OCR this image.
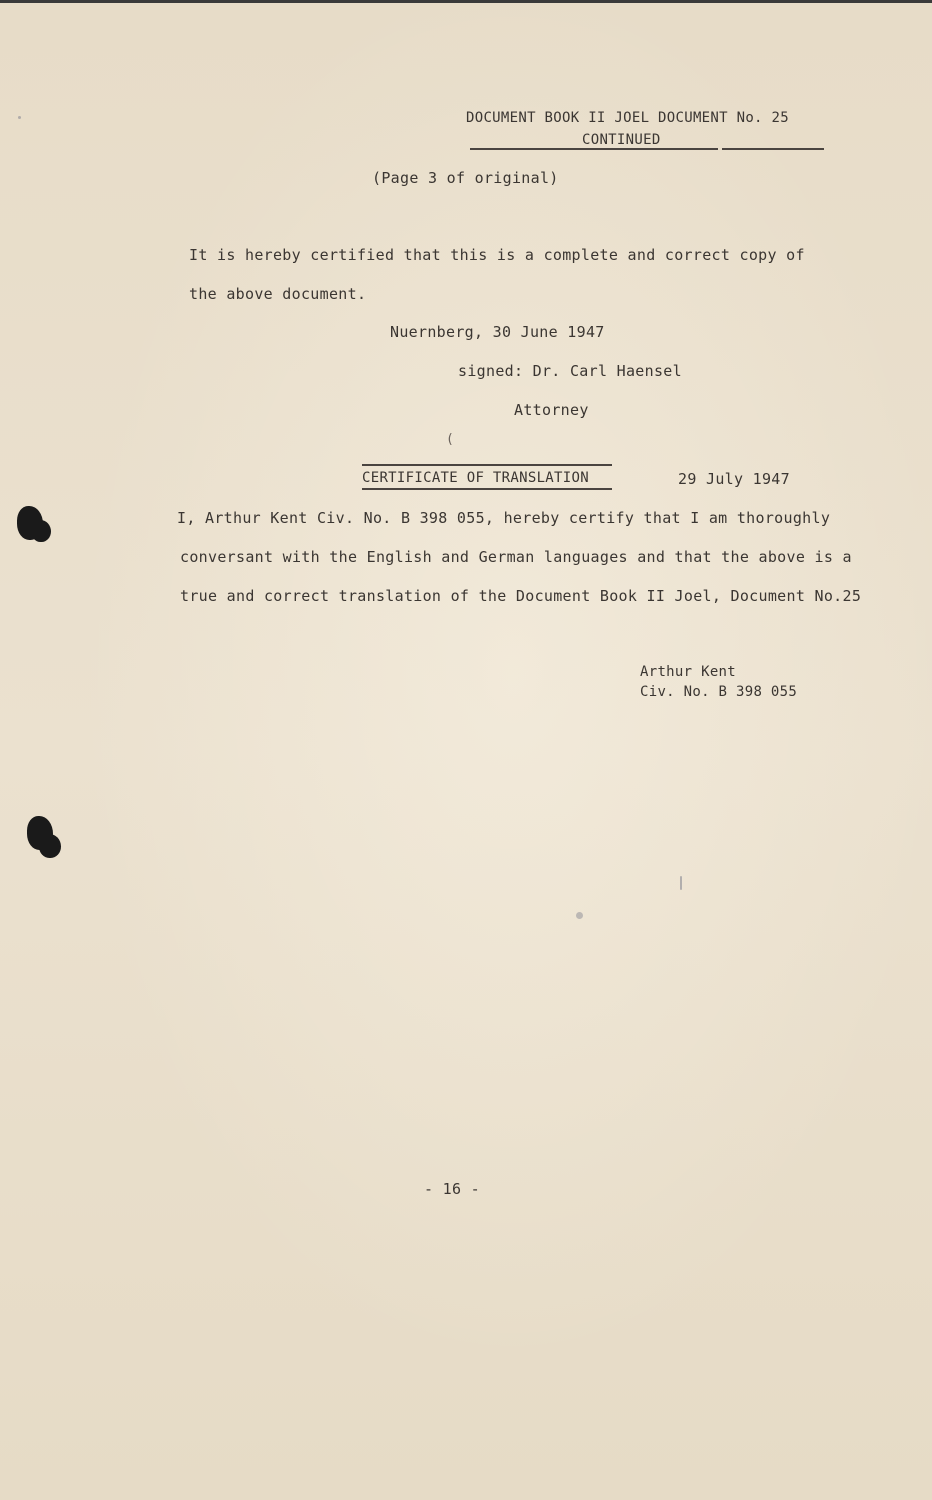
DOCUMENT BOOK II JOEL DOCUMENT No. 25
CONTINUED
(Page 3 of original)
It is hereby certified that this is a complete and correct copy of
the above document.
Nuernberg, 30 June 1947
signed: Dr. Carl Haensel
Attorney
(
CERTIFICATE OF TRANSLATION	29 July 1947
I, Arthur Kent Civ. No. B 398 055, hereby certify that I am thoroughly
conversant with the English and German languages and that the above is a
true and correct translation of the Document Book II Joel, Document No.25
Arthur Kent
Civ. No. B 398 055
- 16 -
